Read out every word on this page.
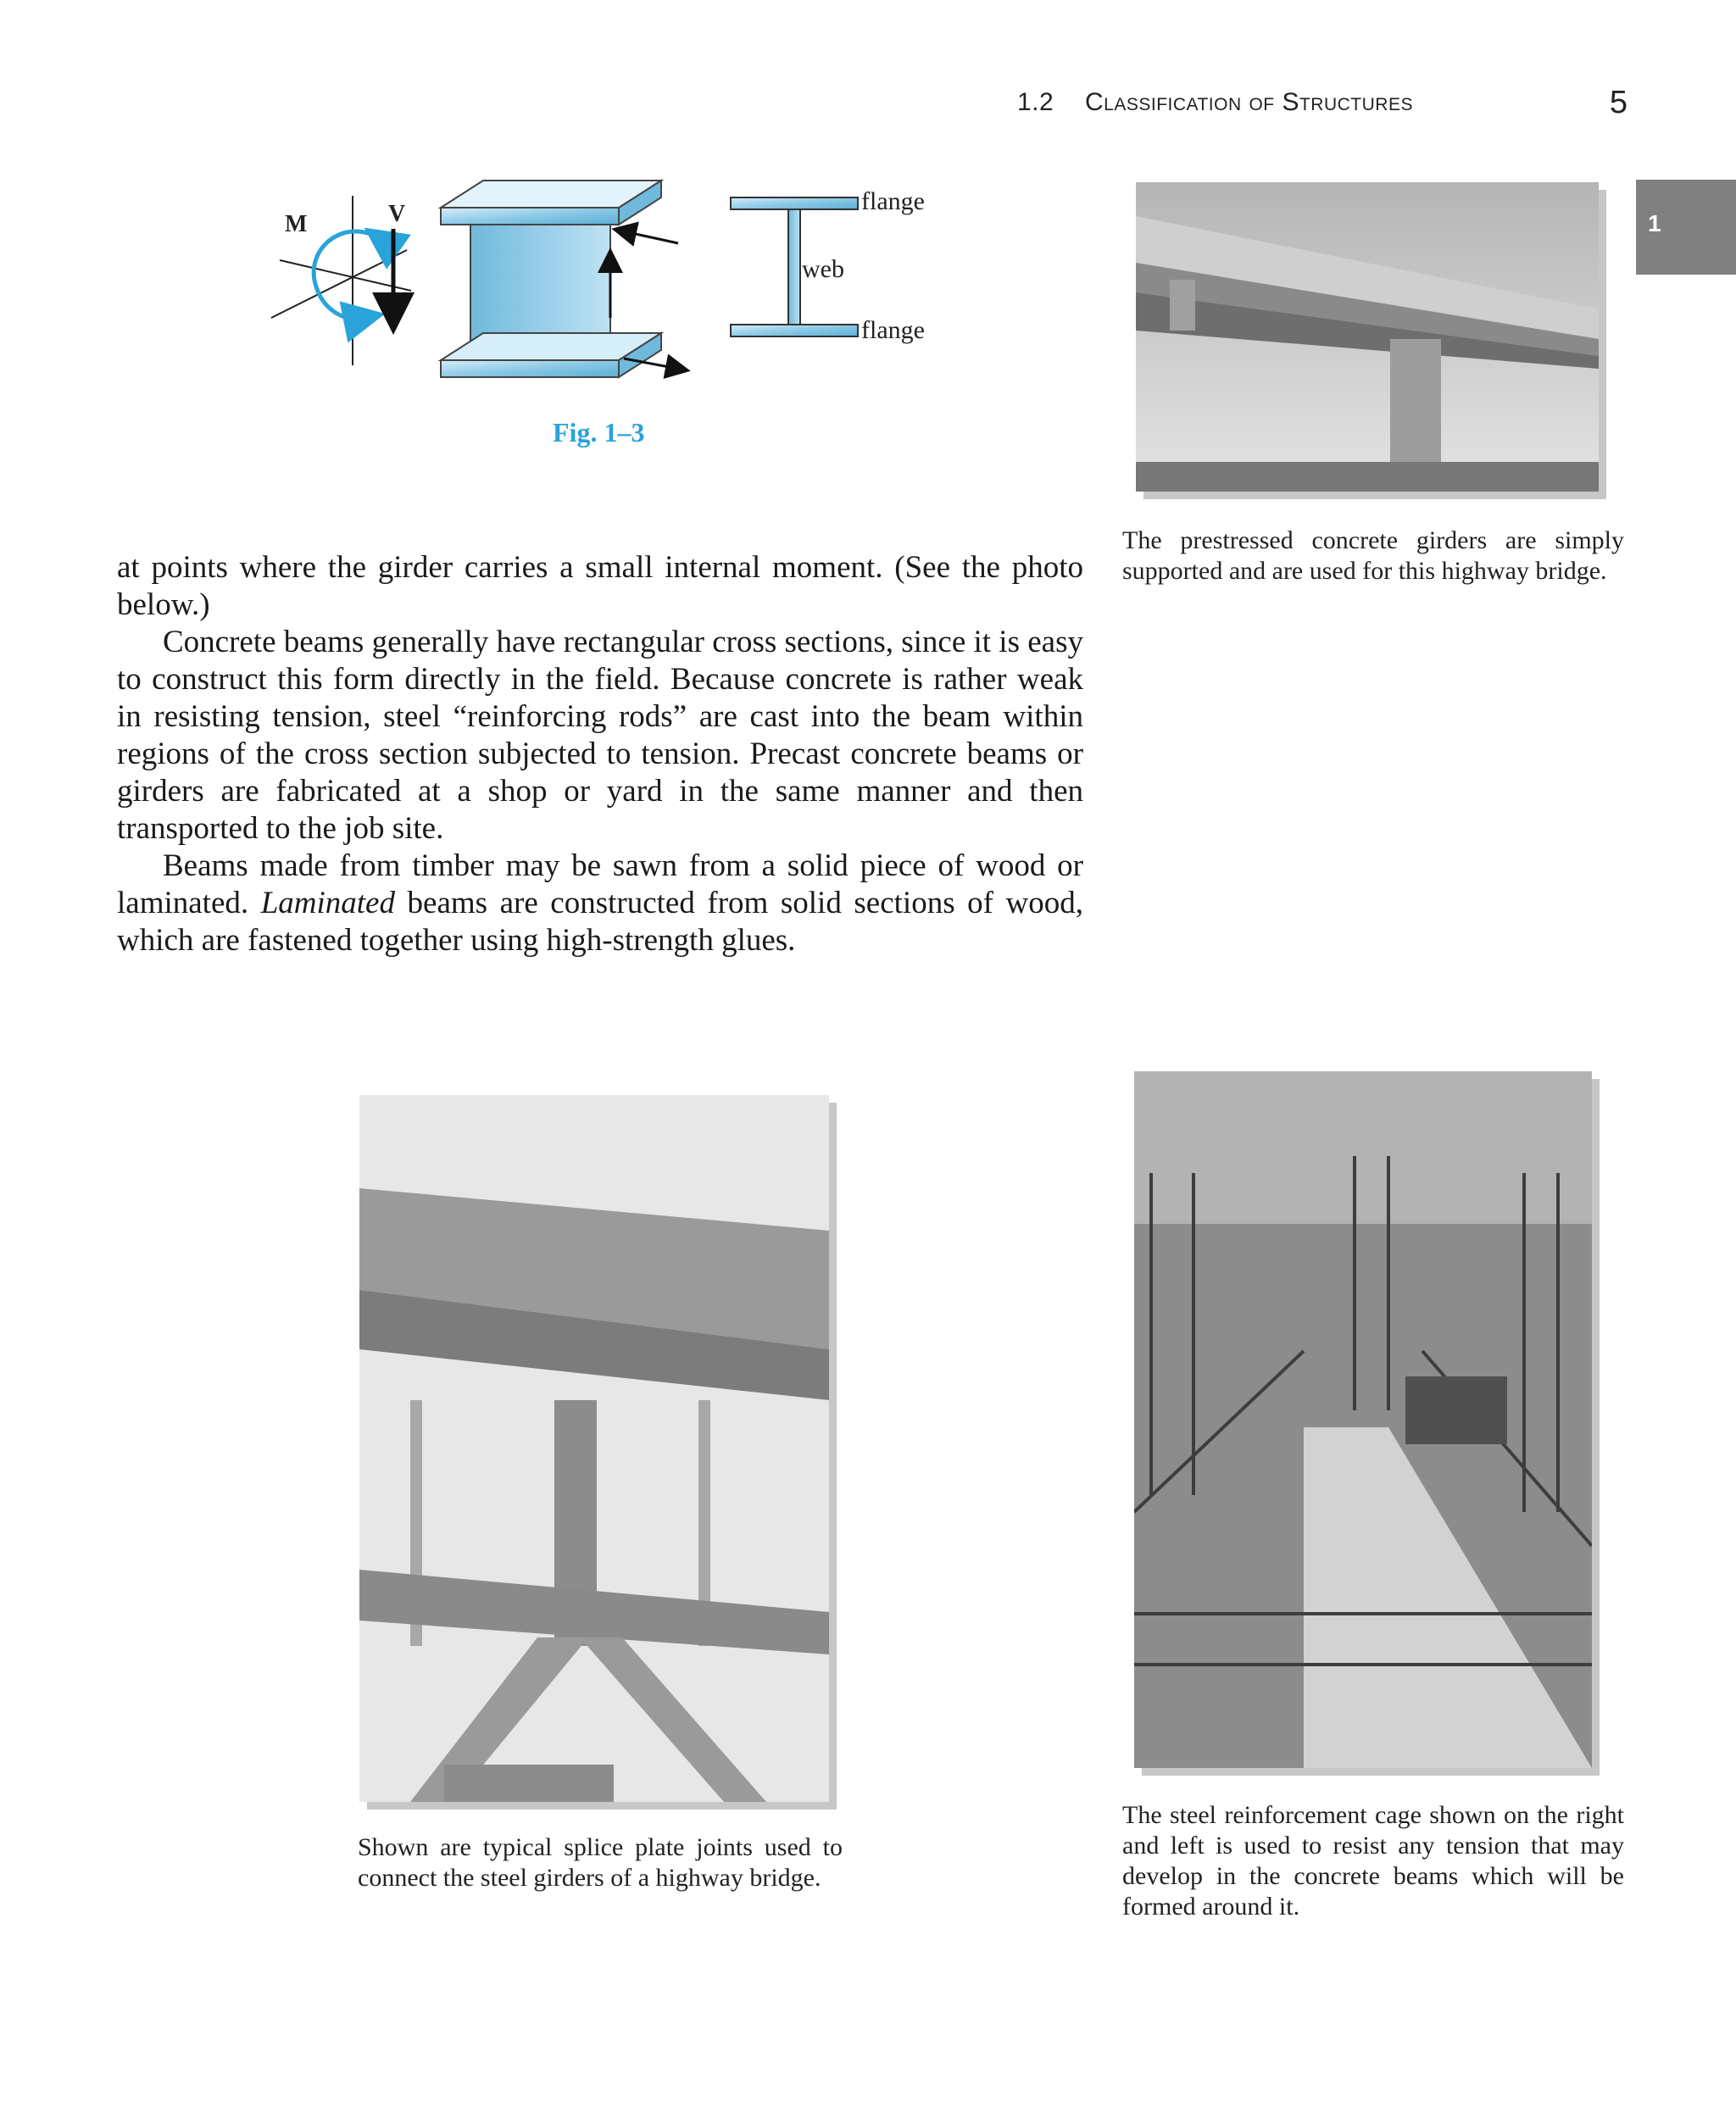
1.2 Classification of Structures	5
1
M	V	flange
web
flange
Fig. 1–3

at points where the girder carries a small internal moment. (See the photo below.)

Concrete beams generally have rectangular cross sections, since it is easy to construct this form directly in the field. Because concrete is rather weak in resisting tension, steel “reinforcing rods” are cast into the beam within regions of the cross section subjected to tension. Precast concrete beams or girders are fabricated at a shop or yard in the same manner and then transported to the job site.

Beams made from timber may be sawn from a solid piece of wood or laminated. Laminated beams are constructed from solid sections of wood, which are fastened together using high-strength glues.

The prestressed concrete girders are simply supported and are used for this highway bridge.
Shown are typical splice plate joints used to connect the steel girders of a highway bridge.
The steel reinforcement cage shown on the right and left is used to resist any tension that may develop in the concrete beams which will be formed around it.
